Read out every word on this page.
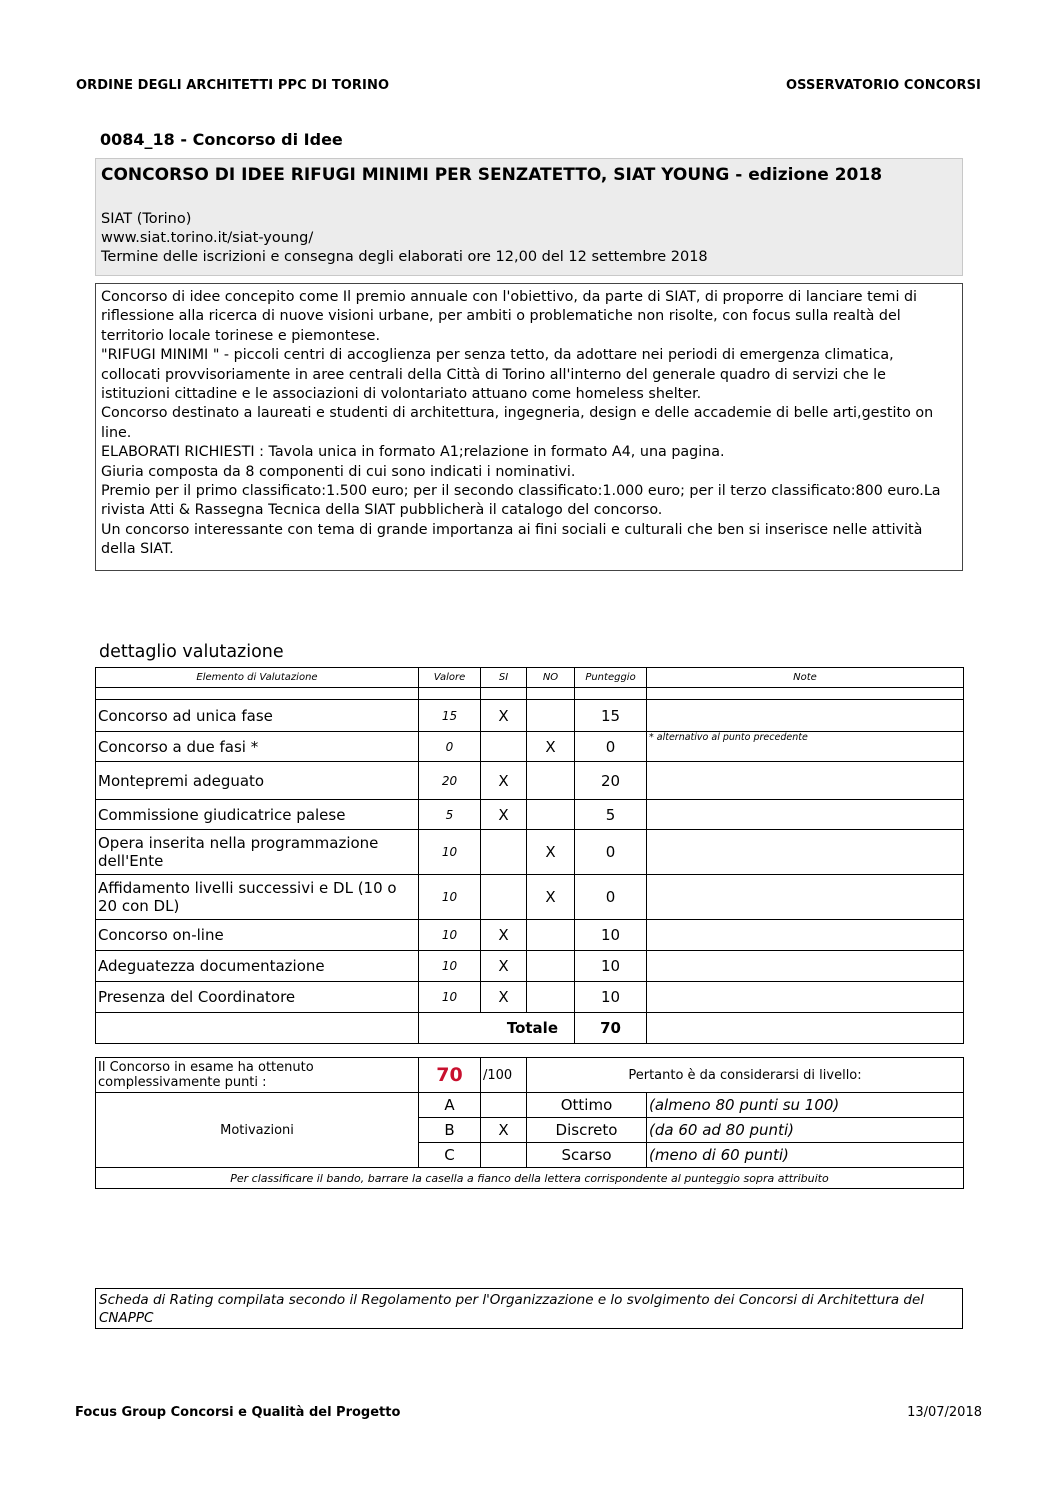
ORDINE DEGLI ARCHITETTI PPC DI TORINO	OSSERVATORIO CONCORSI
0084_18 - Concorso di Idee
CONCORSO DI IDEE RIFUGI MINIMI PER SENZATETTO, SIAT YOUNG - edizione 2018
SIAT (Torino)
www.siat.torino.it/siat-young/
Termine delle iscrizioni e consegna degli elaborati ore 12,00 del 12 settembre 2018

Concorso di idee concepito come Il premio annuale con l'obiettivo, da parte di SIAT, di proporre di lanciare temi di riflessione alla ricerca di nuove visioni urbane, per ambiti o problematiche non risolte, con focus sulla realtà del territorio locale torinese e piemontese.

"RIFUGI MINIMI " - piccoli centri di accoglienza per senza tetto, da adottare nei periodi di emergenza climatica, collocati provvisoriamente in aree centrali della Città di Torino all'interno del generale quadro di servizi che le istituzioni cittadine e le associazioni di volontariato attuano come homeless shelter.

Concorso destinato a laureati e studenti di architettura, ingegneria, design e delle accademie di belle arti,gestito on line.

ELABORATI RICHIESTI : Tavola unica in formato A1;relazione in formato A4, una pagina.

Giuria composta da 8 componenti di cui sono indicati i nominativi.

Premio per il primo classificato:1.500 euro; per il secondo classificato:1.000 euro; per il terzo classificato:800 euro.La rivista Atti & Rassegna Tecnica della SIAT pubblicherà il catalogo del concorso.

Un concorso interessante con tema di grande importanza ai fini sociali e culturali che ben si inserisce nelle attività della SIAT.

dettaglio valutazione
Elemento di Valutazione	Valore	SI	NO	Punteggio	Note

Concorso ad unica fase	15	X		15	
Concorso a due fasi *	0		X	0	* alternativo al punto precedente
Montepremi adeguato	20	X		20	
Commissione giudicatrice palese	5	X		5	
Opera inserita nella programmazione dell'Ente	10		X	0	
Affidamento livelli successivi e DL (10 o 20 con DL)	10		X	0	
Concorso on-line	10	X		10	
Adeguatezza documentazione	10	X		10	
Presenza del Coordinatore	10	X		10	
	Totale			70	
Il Concorso in esame ha ottenuto complessivamente punti :	70	/100	Pertanto è da considerarsi di livello:	
Motivazioni	A		Ottimo	(almeno 80 punti su 100)
	B	X	Discreto	(da 60 ad 80 punti)
	C		Scarso	(meno di 60 punti)
Per classificare il bando, barrare la casella a fianco della lettera corrispondente al punteggio sopra attribuito				
Scheda di Rating compilata secondo il Regolamento per l'Organizzazione e lo svolgimento dei Concorsi di Architettura del CNAPPC
Focus Group Concorsi e Qualità del Progetto	13/07/2018
